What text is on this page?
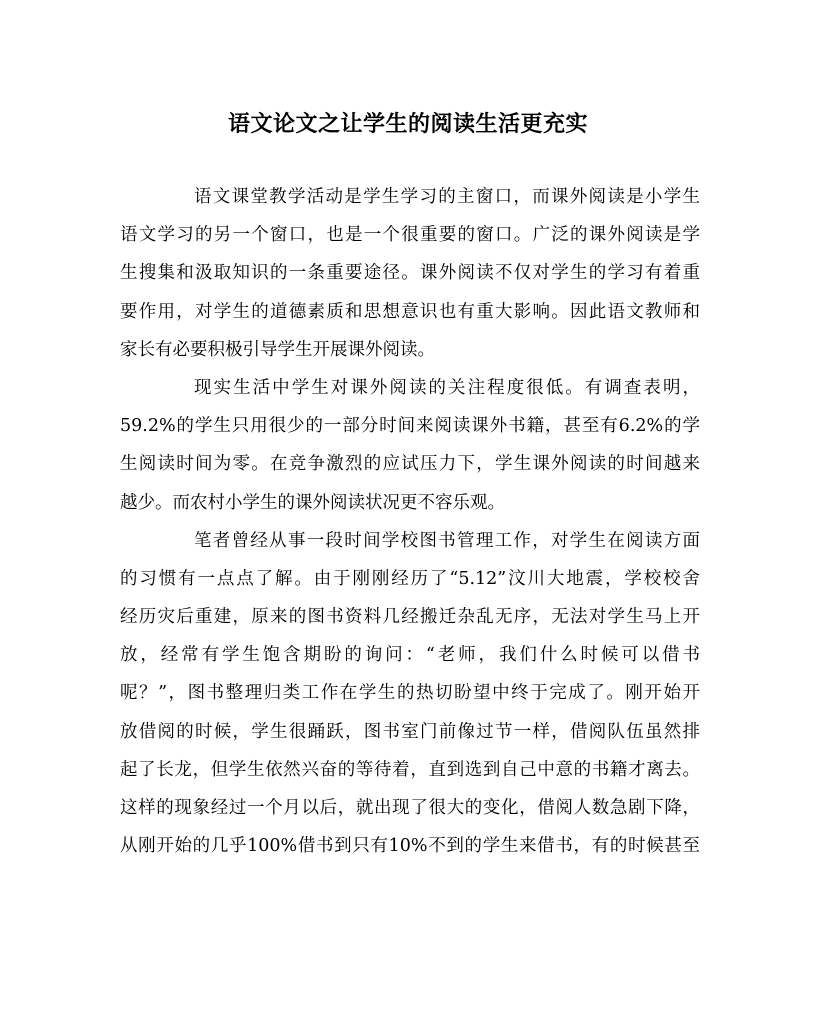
语文论文之让学生的阅读生活更充实
语文课堂教学活动是学生学习的主窗口，而课外阅读是小学生
语文学习的另一个窗口，也是一个很重要的窗口。广泛的课外阅读是学
生搜集和汲取知识的一条重要途径。课外阅读不仅对学生的学习有着重
要作用，对学生的道德素质和思想意识也有重大影响。因此语文教师和
家长有必要积极引导学生开展课外阅读。
现实生活中学生对课外阅读的关注程度很低。有调查表明，
59.2%的学生只用很少的一部分时间来阅读课外书籍，甚至有6.2%的学
生阅读时间为零。在竞争激烈的应试压力下，学生课外阅读的时间越来
越少。而农村小学生的课外阅读状况更不容乐观。
笔者曾经从事一段时间学校图书管理工作，对学生在阅读方面
的习惯有一点点了解。由于刚刚经历了“5.12”汶川大地震，学校校舍
经历灾后重建，原来的图书资料几经搬迁杂乱无序，无法对学生马上开
放，经常有学生饱含期盼的询问：“老师，我们什么时候可以借书
呢？”，图书整理归类工作在学生的热切盼望中终于完成了。刚开始开
放借阅的时候，学生很踊跃，图书室门前像过节一样，借阅队伍虽然排
起了长龙，但学生依然兴奋的等待着，直到选到自己中意的书籍才离去。
这样的现象经过一个月以后，就出现了很大的变化，借阅人数急剧下降，
从刚开始的几乎100%借书到只有10%不到的学生来借书，有的时候甚至
